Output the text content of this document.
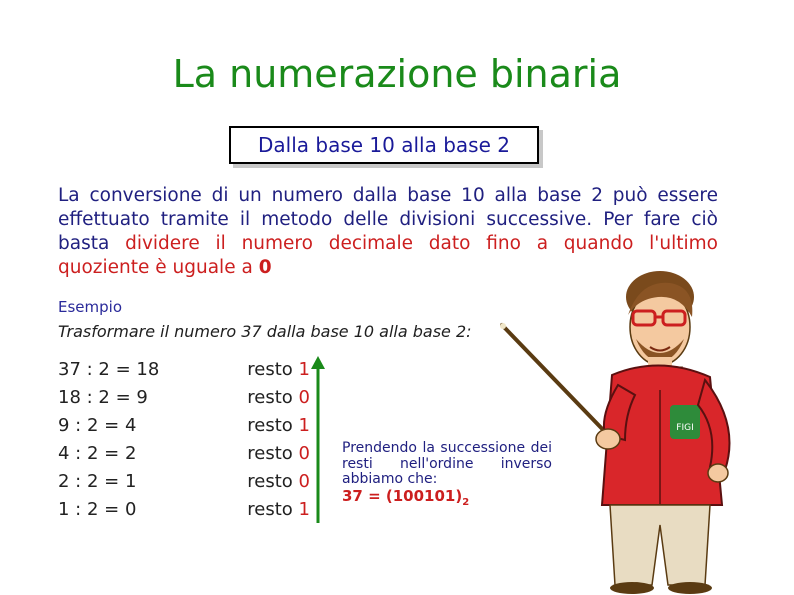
La numerazione binaria
Dalla base 10 alla base 2
La conversione di un numero dalla base 10 alla base 2 può essere effettuato tramite il metodo delle divisioni successive. Per fare ciò basta dividere il numero decimale dato fino a quando l'ultimo quoziente è uguale a 0
Esempio
Trasformare il numero 37 dalla base 10 alla base 2:
37 : 2 = 18
18 : 2 = 9
9 : 2 = 4
4 : 2 = 2
2 : 2 = 1
1 : 2 = 0
resto 1
resto 0
resto 1
resto 0
resto 0
resto 1
Prendendo la successione dei resti nell'ordine inverso abbiamo che:
$37 = (100101)_2$
FIGI
